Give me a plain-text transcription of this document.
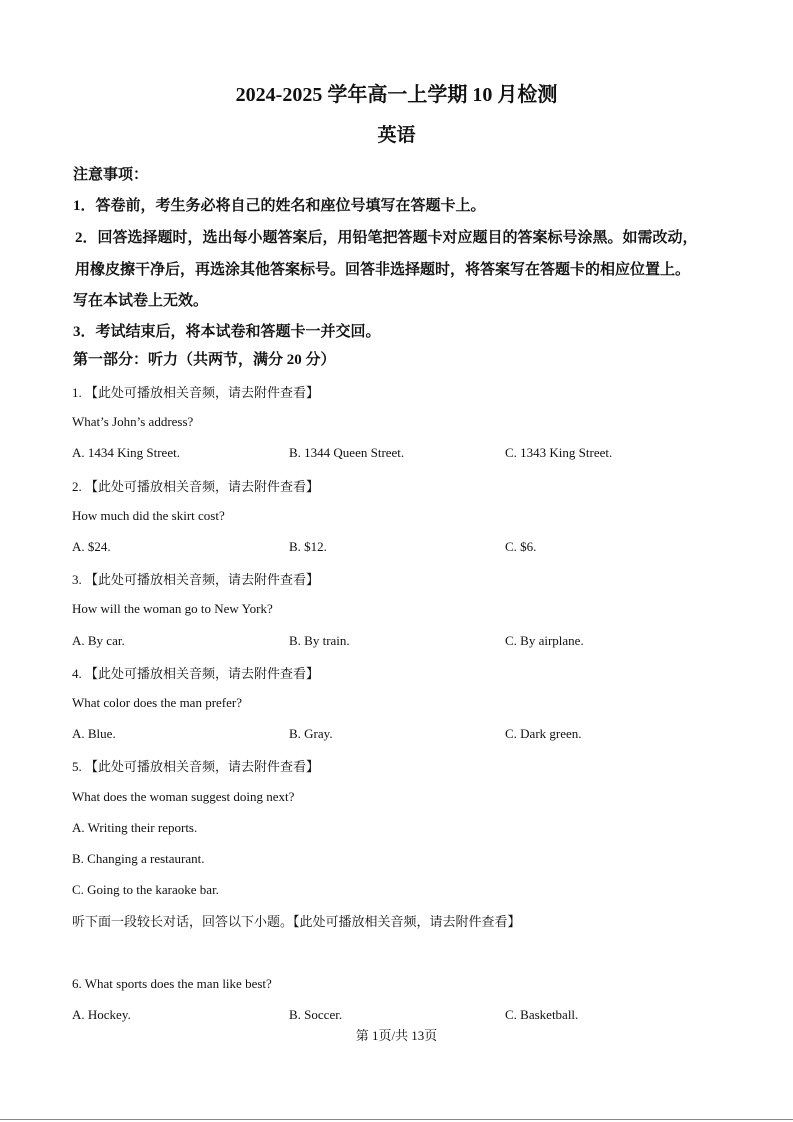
2024-2025 学年高一上学期 10 月检测
英语
注意事项：
1．答卷前，考生务必将自己的姓名和座位号填写在答题卡上。
2．回答选择题时，选出每小题答案后，用铅笔把答题卡对应题目的答案标号涂黑。如需改动，
用橡皮擦干净后，再选涂其他答案标号。回答非选择题时，将答案写在答题卡的相应位置上。
写在本试卷上无效。
3．考试结束后，将本试卷和答题卡一并交回。
第一部分：听力（共两节，满分 20 分）
1. 【此处可播放相关音频，请去附件查看】
What’s John’s address?
A. 1434 King Street.	B. 1344 Queen Street.	C. 1343 King Street.
2. 【此处可播放相关音频，请去附件查看】
How much did the skirt cost?
A. $24.	B. $12.	C. $6.
3. 【此处可播放相关音频，请去附件查看】
How will the woman go to New York?
A. By car.	B. By train.	C. By airplane.
4. 【此处可播放相关音频，请去附件查看】
What color does the man prefer?
A. Blue.	B. Gray.	C. Dark green.
5. 【此处可播放相关音频，请去附件查看】
What does the woman suggest doing next?
A. Writing their reports.
B. Changing a restaurant.
C. Going to the karaoke bar.
听下面一段较长对话，回答以下小题。【此处可播放相关音频，请去附件查看】
6. What sports does the man like best?
A. Hockey.	B. Soccer.	C. Basketball.
第 1页/共 13页
